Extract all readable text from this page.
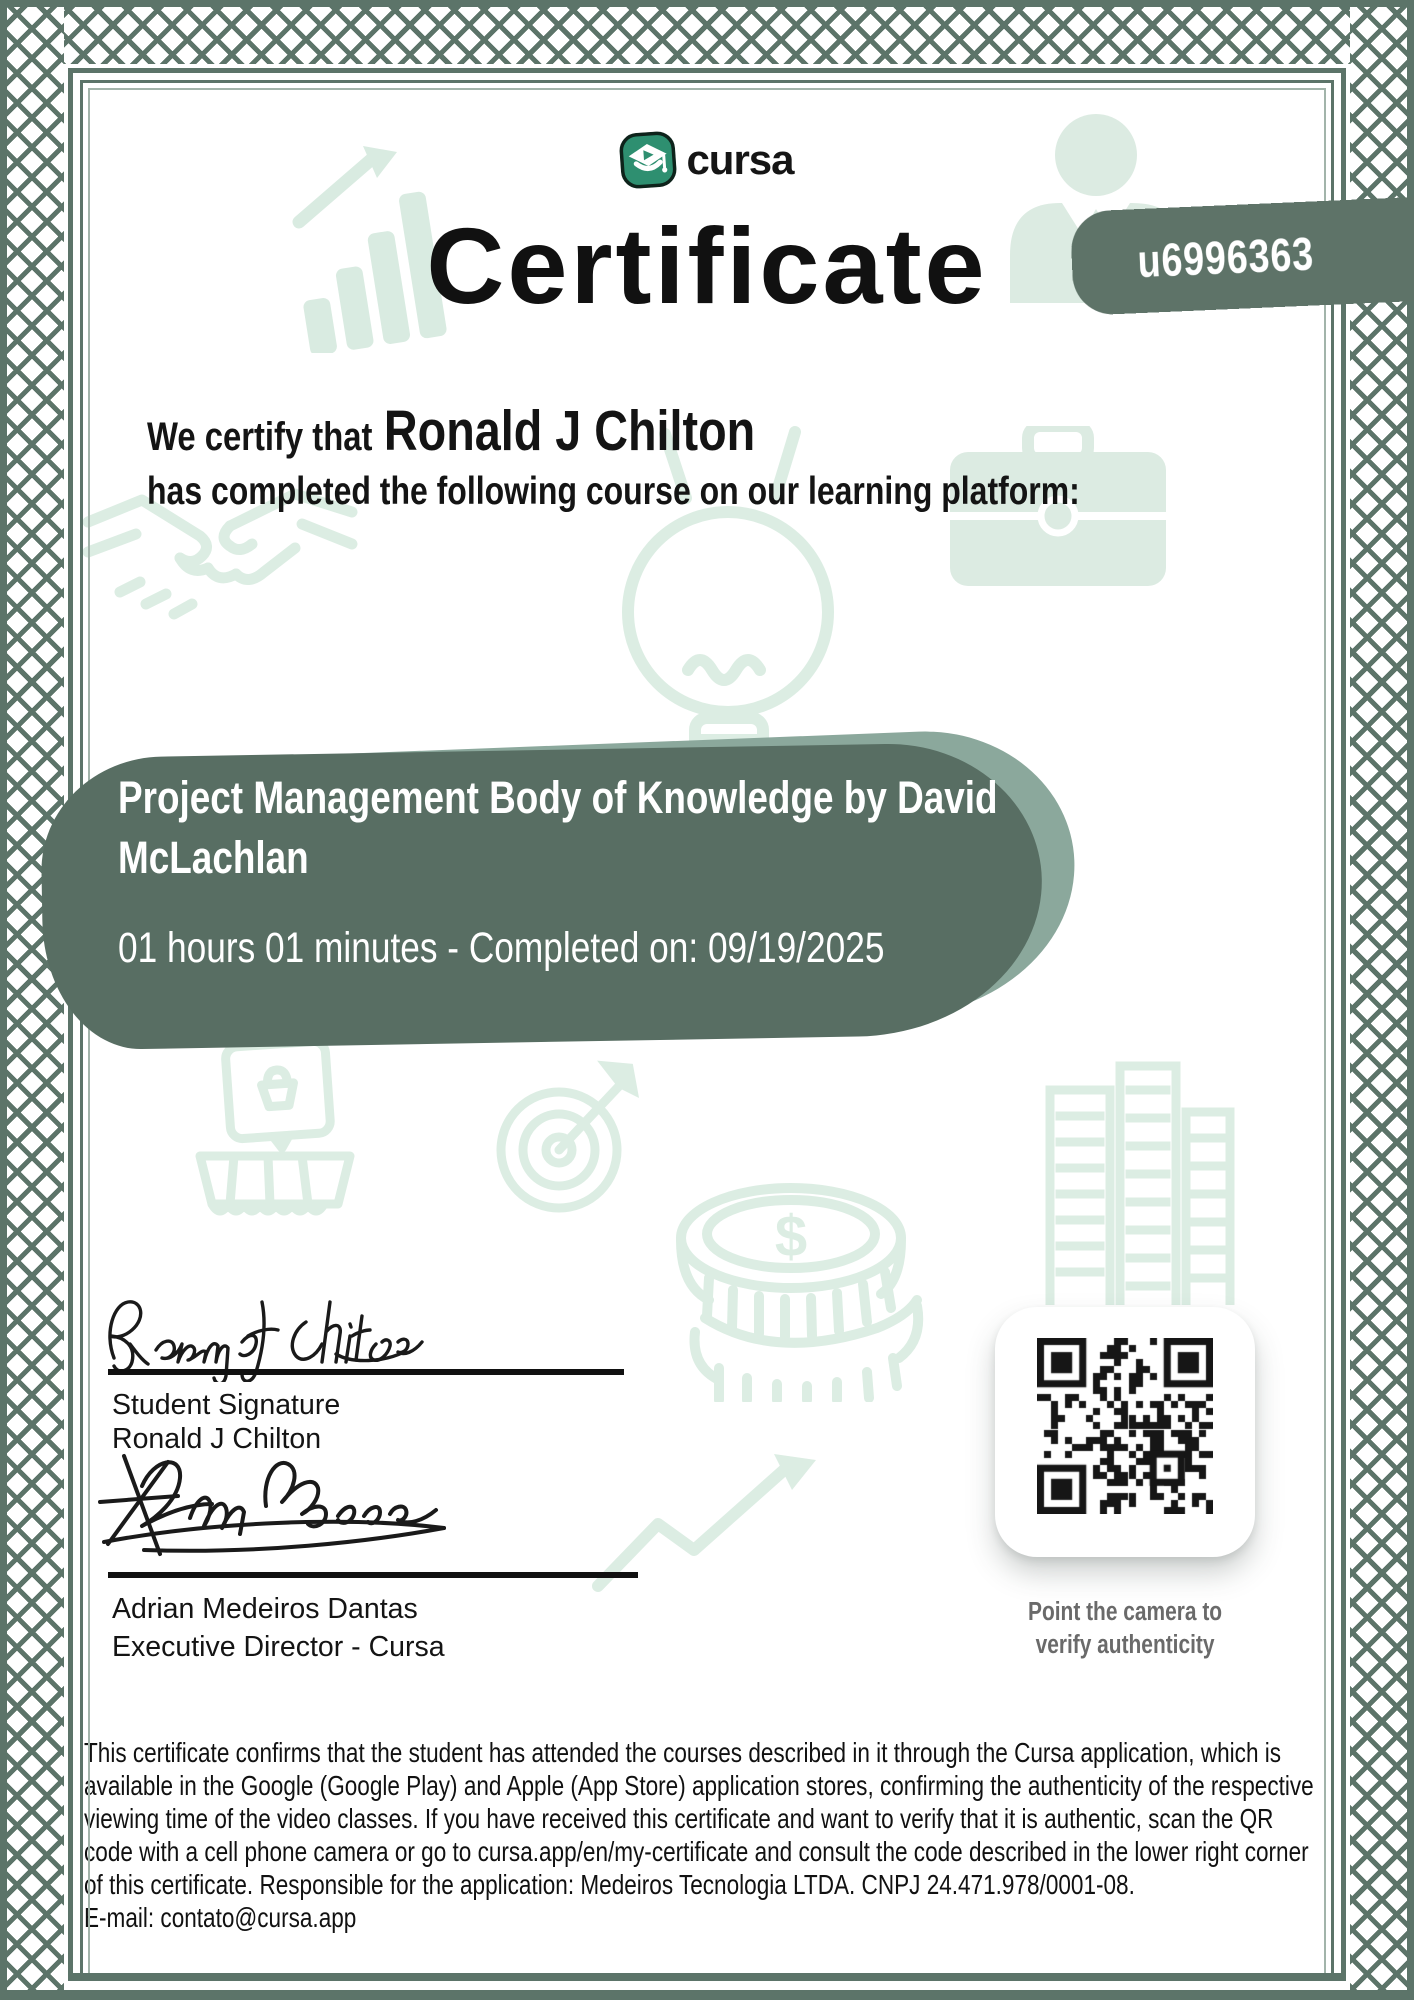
$
cursa
Certificate	u6996363
We certify that Ronald J Chilton
has completed the following course on our learning platform:
Project Management Body of Knowledge by David McLachlan
01 hours 01 minutes - Completed on: 09/19/2025
Student Signature
Ronald J Chilton
Adrian Medeiros Dantas
Executive Director - Cursa
Point the camera to verify authenticity
This certificate confirms that the student has attended the courses described in it through the Cursa application, which is available in the Google (Google Play) and Apple (App Store) application stores, confirming the authenticity of the respective viewing time of the video classes. If you have received this certificate and want to verify that it is authentic, scan the QR code with a cell phone camera or go to cursa.app/en/my-certificate and consult the code described in the lower right corner of this certificate. Responsible for the application: Medeiros Tecnologia LTDA. CNPJ 24.471.978/0001-08.
E-mail: contato@cursa.app
